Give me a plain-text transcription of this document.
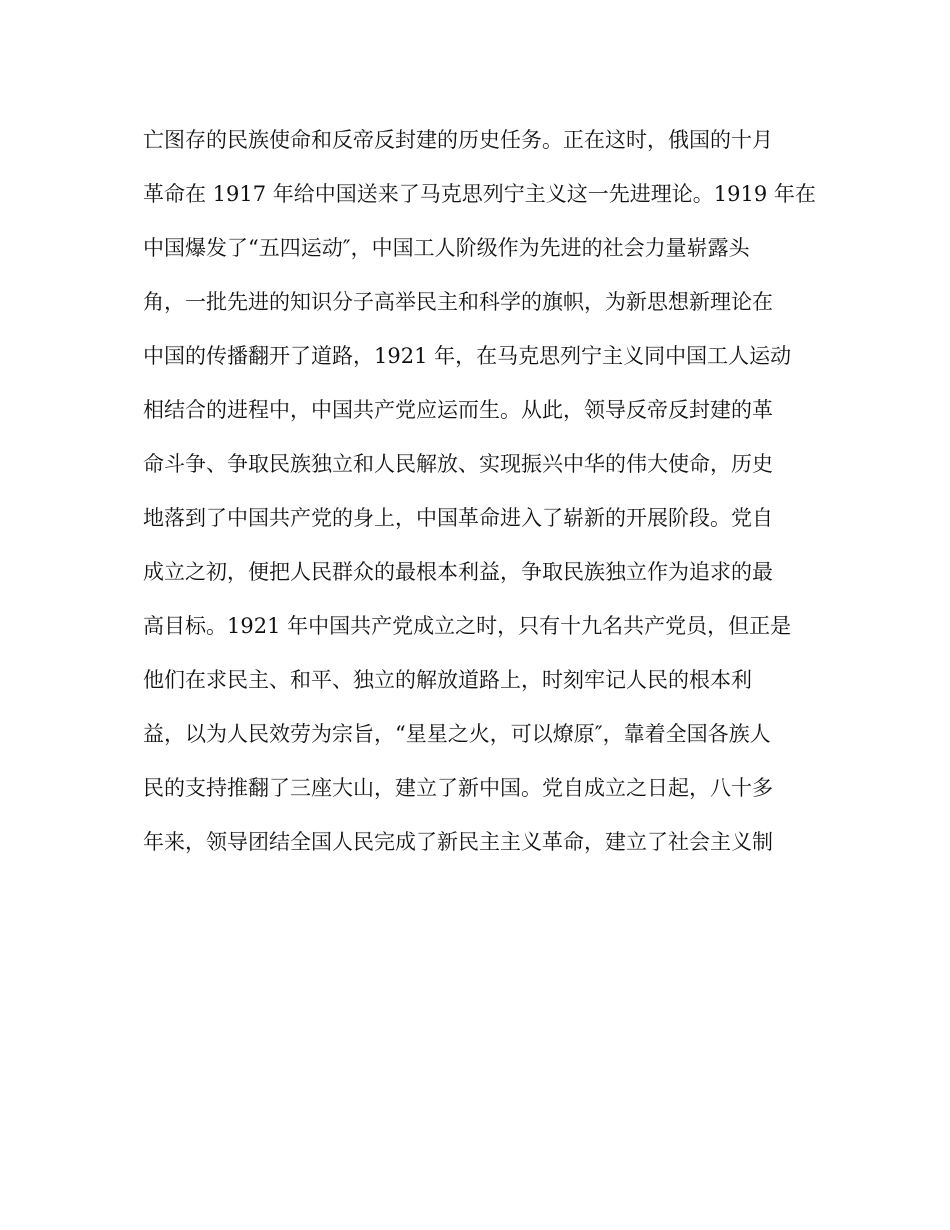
亡图存的民族使命和反帝反封建的历史任务。正在这时，俄国的十月
革命在 1917 年给中国送来了马克思列宁主义这一先进理论。1919 年在
中国爆发了“五四运动″，中国工人阶级作为先进的社会力量崭露头
角，一批先进的知识分子高举民主和科学的旗帜，为新思想新理论在
中国的传播翻开了道路，1921 年，在马克思列宁主义同中国工人运动
相结合的进程中，中国共产党应运而生。从此，领导反帝反封建的革
命斗争、争取民族独立和人民解放、实现振兴中华的伟大使命，历史
地落到了中国共产党的身上，中国革命进入了崭新的开展阶段。党自
成立之初，便把人民群众的最根本利益，争取民族独立作为追求的最
高目标。1921 年中国共产党成立之时，只有十九名共产党员，但正是
他们在求民主、和平、独立的解放道路上，时刻牢记人民的根本利
益，以为人民效劳为宗旨，“星星之火，可以燎原″，靠着全国各族人
民的支持推翻了三座大山，建立了新中国。党自成立之日起，八十多
年来，领导团结全国人民完成了新民主主义革命，建立了社会主义制
